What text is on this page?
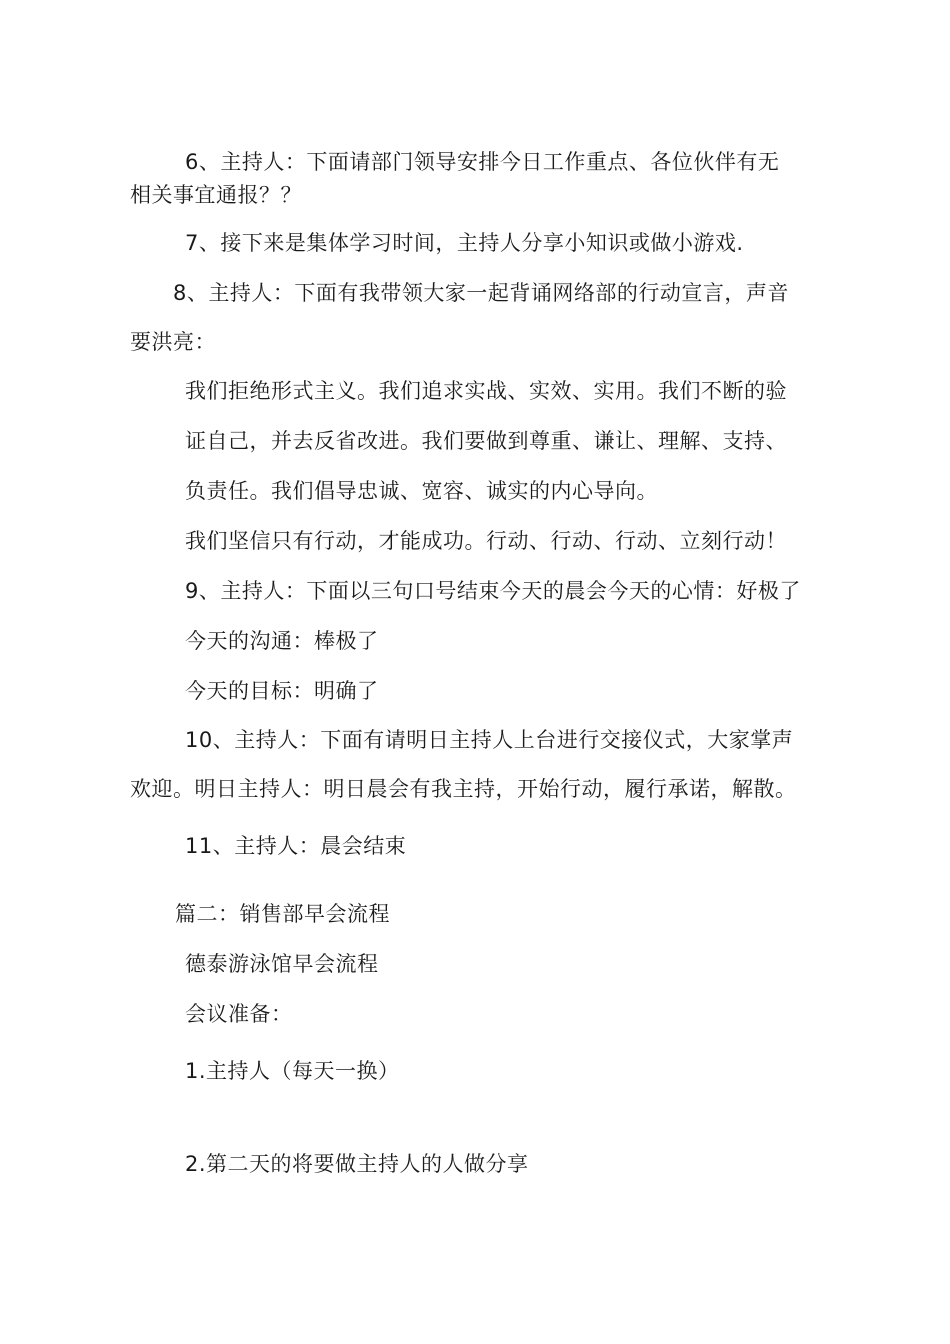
6、主持人：下面请部门领导安排今日工作重点、各位伙伴有无
相关事宜通报？？
7、接下来是集体学习时间，主持人分享小知识或做小游戏.
8、主持人：下面有我带领大家一起背诵网络部的行动宣言，声音
要洪亮：
我们拒绝形式主义。我们追求实战、实效、实用。我们不断的验
证自己，并去反省改进。我们要做到尊重、谦让、理解、支持、
负责任。我们倡导忠诚、宽容、诚实的内心导向。
我们坚信只有行动，才能成功。行动、行动、行动、立刻行动！
9、主持人：下面以三句口号结束今天的晨会今天的心情：好极了
今天的沟通：棒极了
今天的目标：明确了
10、主持人：下面有请明日主持人上台进行交接仪式，大家掌声
欢迎。明日主持人：明日晨会有我主持，开始行动，履行承诺，解散。
11、主持人：晨会结束
篇二：销售部早会流程
德泰游泳馆早会流程
会议准备：
1.主持人（每天一换）
2.第二天的将要做主持人的人做分享
